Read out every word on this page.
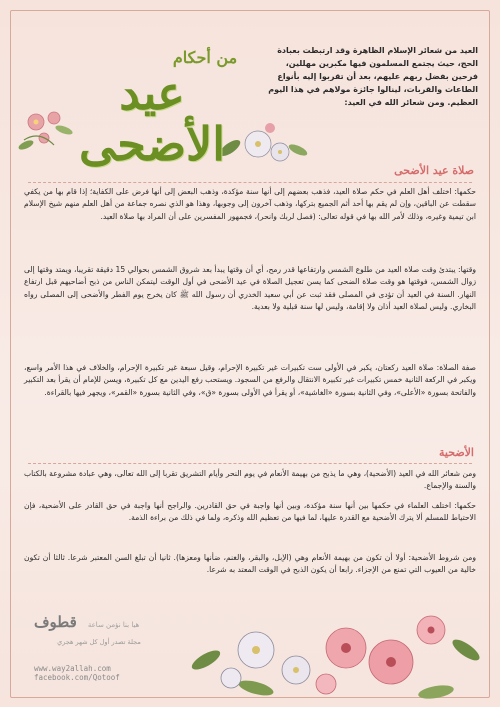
من أحكام
عيد الأضحى
العيد من شعائر الإسلام الظاهرة وقد ارتبطت بعبادة الحج، حيث يجتمع المسلمون فيها مكبرين مهللين، فرحين بفضل ربهم عليهم، بعد أن تقربوا إليه بأنواع الطاعات والقربات، لينالوا جائزة مولاهم في هذا اليوم العظيم. ومن شعائر الله في العيد:
صلاة عيد الأضحى
حكمها: اختلف أهل العلم في حكم صلاة العيد، فذهب بعضهم إلى أنها سنة مؤكدة، وذهب البعض إلى أنها فرض على الكفاية؛ إذا قام بها من يكفي سقطت عن الباقين، وإن لم يقم بها أحد أثم الجميع بتركها، وذهب آخرون إلى وجوبها، وهذا هو الذي نصره جماعة من أهل العلم منهم شيخ الإسلام ابن تيمية وغيره، وذلك لأمر الله بها في قوله تعالى: (فصل لربك وانحر)، فجمهور المفسرين على أن المراد بها صلاة العيد.
وقتها: يبتدئ وقت صلاة العيد من طلوع الشمس وارتفاعها قدر رمح، أي أن وقتها يبدأ بعد شروق الشمس بحوالي 15 دقيقة تقريبا، ويمتد وقتها إلى زوال الشمس، فوقتها هو وقت صلاة الضحى كما يسن تعجيل الصلاة في عيد الأضحى في أول الوقت ليتمكن الناس من ذبح أضاحيهم قبل ارتفاع النهار. السنة في العيد أن تؤدى في المصلى فقد ثبت عن أبي سعيد الخدري أن رسول الله ﷺ كان يخرج يوم الفطر والأضحى إلى المصلى رواه البخاري. وليس لصلاة العيد أذان ولا إقامة، وليس لها سنة قبلية ولا بعدية.
صفة الصلاة: صلاة العيد ركعتان، يكبر في الأولى ست تكبيرات غير تكبيرة الإحرام، وقيل سبعة غير تكبيرة الإحرام، والخلاف في هذا الأمر واسع، ويكبر في الركعة الثانية خمس تكبيرات غير تكبيرة الانتقال والرفع من السجود. ويستحب رفع اليدين مع كل تكبيرة، ويسن للإمام أن يقرأ بعد التكبير والفاتحة بسورة «الأعلى»، وفي الثانية بسورة «الغاشية»، أو يقرأ في الأولى بسورة «ق»، وفي الثانية بسورة «القمر»، ويجهر فيها بالقراءة.
الأضحية
ومن شعائر الله في العيد (الأضحية)، وهي ما يذبح من بهيمة الأنعام في يوم النحر وأيام التشريق تقربا إلى الله تعالى، وهي عبادة مشروعة بالكتاب والسنة والإجماع.
حكمها: اختلف العلماء في حكمها بين أنها سنة مؤكدة، وبين أنها واجبة في حق القادرين. والراجح أنها واجبة في حق القادر على الأضحية، فإن الاحتياط للمسلم ألا يترك الأضحية مع القدرة عليها، لما فيها من تعظيم الله وذكره، ولما في ذلك من براءة الذمة.
ومن شروط الأضحية: أولا أن تكون من بهيمة الأنعام وهي (الإبل، والبقر، والغنم، ضأنها ومعزها). ثانيا أن تبلغ السن المعتبر شرعا. ثالثا أن تكون خالية من العيوب التي تمنع من الإجزاء. رابعا أن يكون الذبح في الوقت المعتد به شرعا.
هيا بنا نؤمن ساعة قطوف
مجلة تصدر أول كل شهر هجري
www.way2allah.com
facebook.com/Qotoof
